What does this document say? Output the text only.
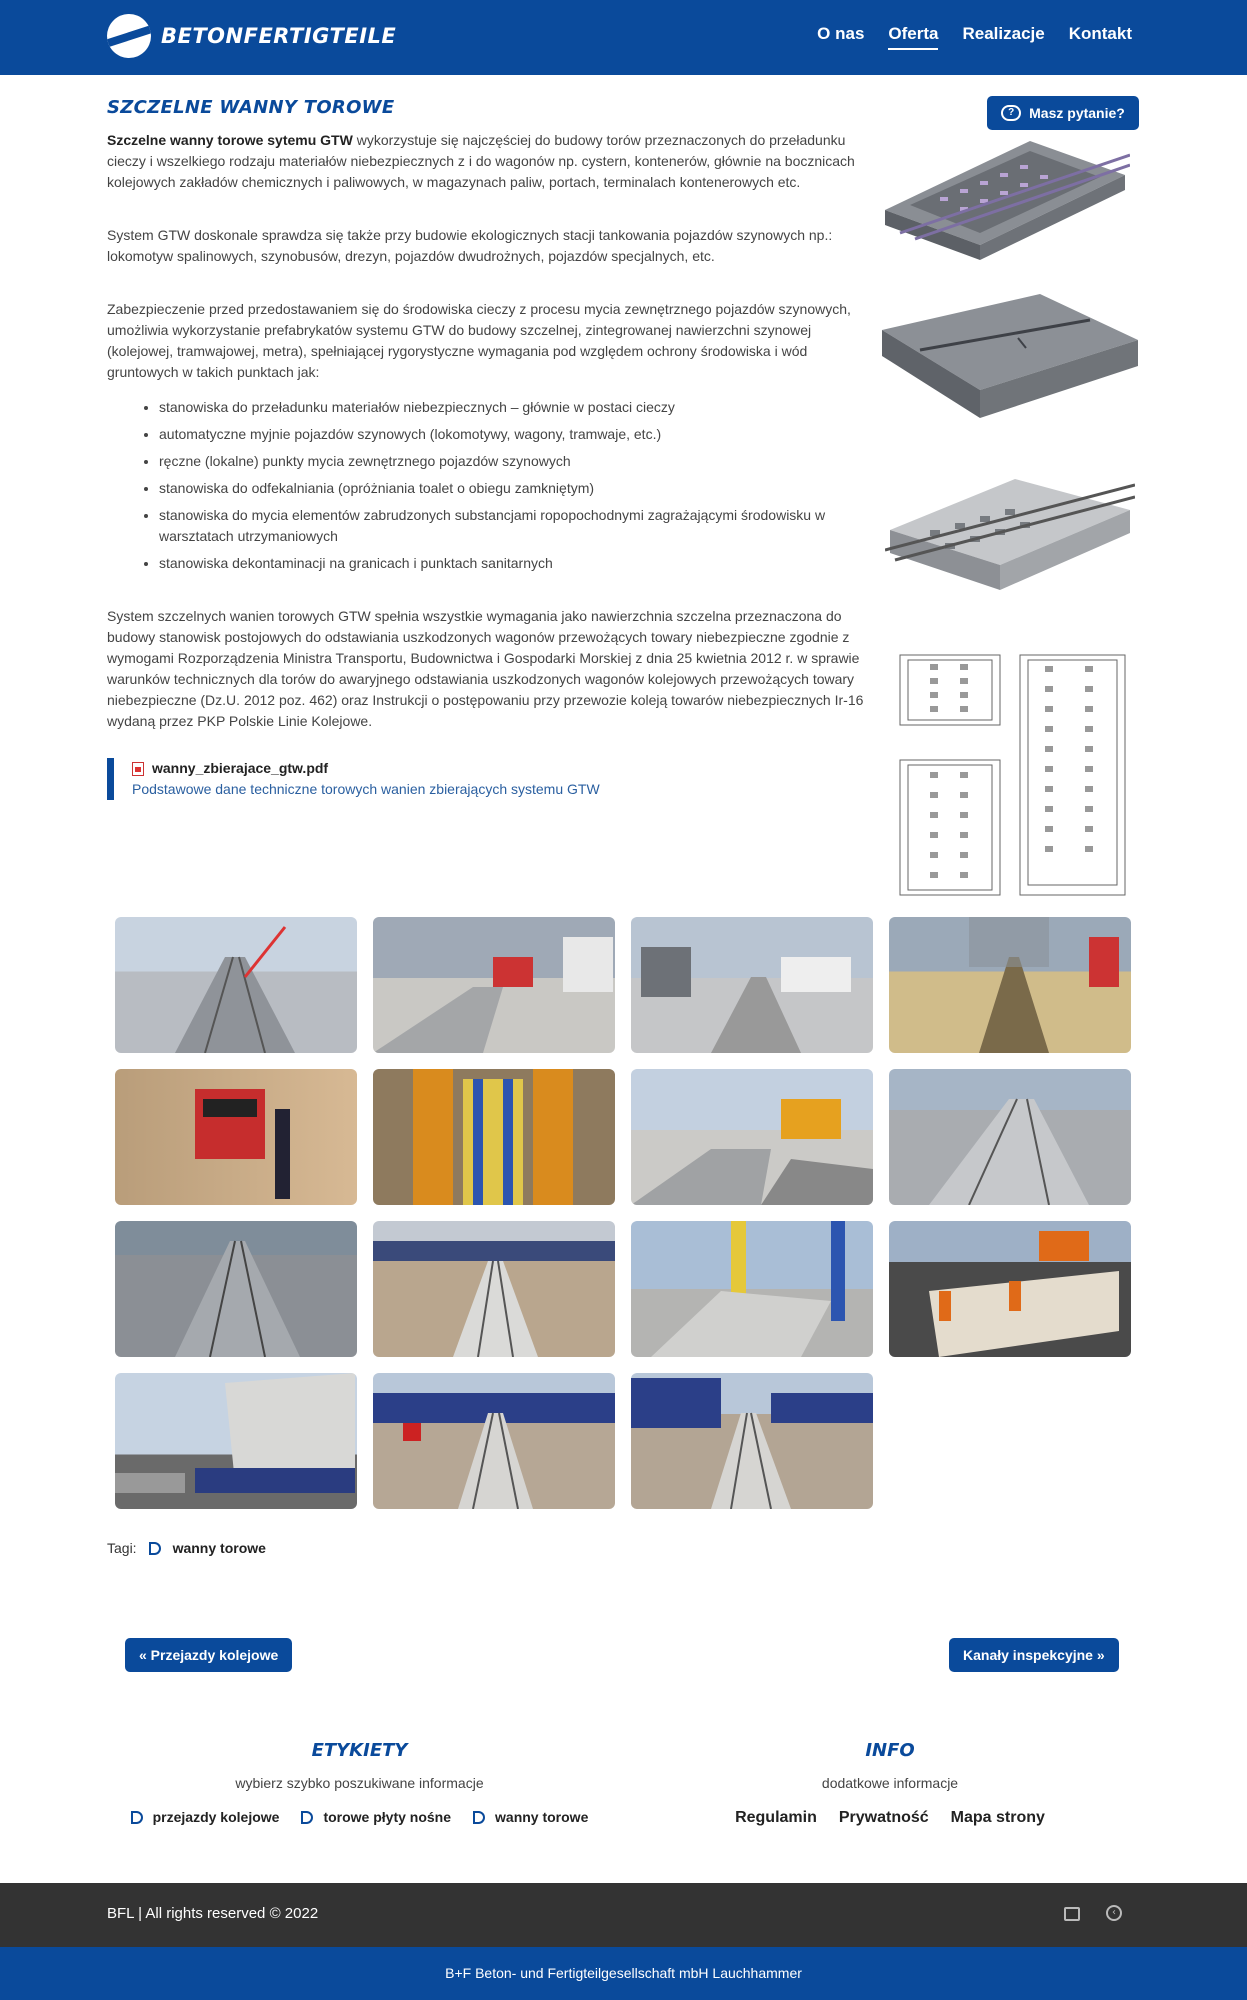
BETONFERTIGTEILE	O nas Oferta Realizacje Kontakt
?	Masz pytanie?
SZCZELNE WANNY TOROWE

Szczelne wanny torowe sytemu GTW wykorzystuje się najczęściej do budowy torów przeznaczonych do przeładunku cieczy i wszelkiego rodzaju materiałów niebezpiecznych z i do wagonów np. cystern, kontenerów, głównie na bocznicach kolejowych zakładów chemicznych i paliwowych, w magazynach paliw, portach, terminalach kontenerowych etc.

System GTW doskonale sprawdza się także przy budowie ekologicznych stacji tankowania pojazdów szynowych np.: lokomotyw spalinowych, szynobusów, drezyn, pojazdów dwudrożnych, pojazdów specjalnych, etc.

Zabezpieczenie przed przedostawaniem się do środowiska cieczy z procesu mycia zewnętrznego pojazdów szynowych, umożliwia wykorzystanie prefabrykatów systemu GTW do budowy szczelnej, zintegrowanej nawierzchni szynowej (kolejowej, tramwajowej, metra), spełniającej rygorystyczne wymagania pod względem ochrony środowiska i wód gruntowych w takich punktach jak:

• stanowiska do przeładunku materiałów niebezpiecznych – głównie w postaci cieczy
• automatyczne myjnie pojazdów szynowych (lokomotywy, wagony, tramwaje, etc.)
• ręczne (lokalne) punkty mycia zewnętrznego pojazdów szynowych
• stanowiska do odfekalniania (opróżniania toalet o obiegu zamkniętym)
• stanowiska do mycia elementów zabrudzonych substancjami ropopochodnymi zagrażającymi środowisku w warsztatach utrzymaniowych
• stanowiska dekontaminacji na granicach i punktach sanitarnych

System szczelnych wanien torowych GTW spełnia wszystkie wymagania jako nawierzchnia szczelna przeznaczona do budowy stanowisk postojowych do odstawiania uszkodzonych wagonów przewożących towary niebezpieczne zgodnie z wymogami Rozporządzenia Ministra Transportu, Budownictwa i Gospodarki Morskiej z dnia 25 kwietnia 2012 r. w sprawie warunków technicznych dla torów do awaryjnego odstawiania uszkodzonych wagonów kolejowych przewożących towary niebezpieczne (Dz.U. 2012 poz. 462) oraz Instrukcji o postępowaniu przy przewozie koleją towarów niebezpiecznych Ir-16 wydaną przez PKP Polskie Linie Kolejowe.

wanny_zbierajace_gtw.pdf
Podstawowe dane techniczne torowych wanien zbierających systemu GTW
Tagi:	wanny torowe
« Przejazdy kolejowe	Kanały inspekcyjne »
ETYKIETY
wybierz szybko poszukiwane informacje
przejazdy kolejowe	torowe płyty nośne	wanny torowe
INFO
dodatkowe informacje
Regulamin Prywatność Mapa strony
BFL | All rights reserved © 2022	‹
B+F Beton- und Fertigteilgesellschaft mbH Lauchhammer
